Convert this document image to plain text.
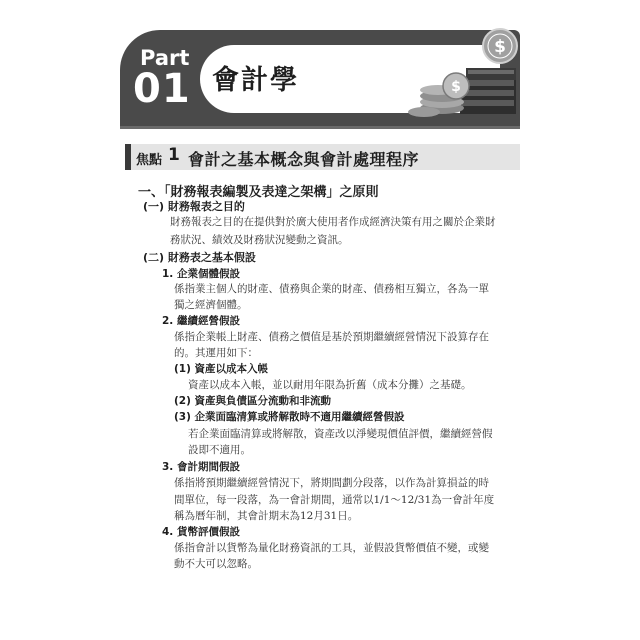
Part
01 會計學	$
$
焦點 1 會計之基本概念與會計處理程序
一、「財務報表編製及表達之架構」之原則
(一) 財務報表之目的
財務報表之目的在提供對於廣大使用者作成經濟決策有用之關於企業財
務狀況、績效及財務狀況變動之資訊。
(二) 財務表之基本假設
1. 企業個體假設
係指業主個人的財產、債務與企業的財產、債務相互獨立，各為一單
獨之經濟個體。
2. 繼續經營假設
係指企業帳上財產、債務之價值是基於預期繼續經營情況下設算存在
的。其運用如下：
(1) 資產以成本入帳
資產以成本入帳，並以耐用年限為折舊（成本分攤）之基礎。
(2) 資產與負債區分流動和非流動
(3) 企業面臨清算或將解散時不適用繼續經營假設
若企業面臨清算或將解散，資產改以淨變現價值評價，繼續經營假
設即不適用。
3. 會計期間假設
係指將預期繼續經營情況下，將期間劃分段落，以作為計算損益的時
間單位，每一段落，為一會計期間，通常以1/1～12/31為一會計年度
稱為曆年制，其會計期末為12月31日。
4. 貨幣評價假設
係指會計以貨幣為量化財務資訊的工具，並假設貨幣價值不變，或變
動不大可以忽略。
